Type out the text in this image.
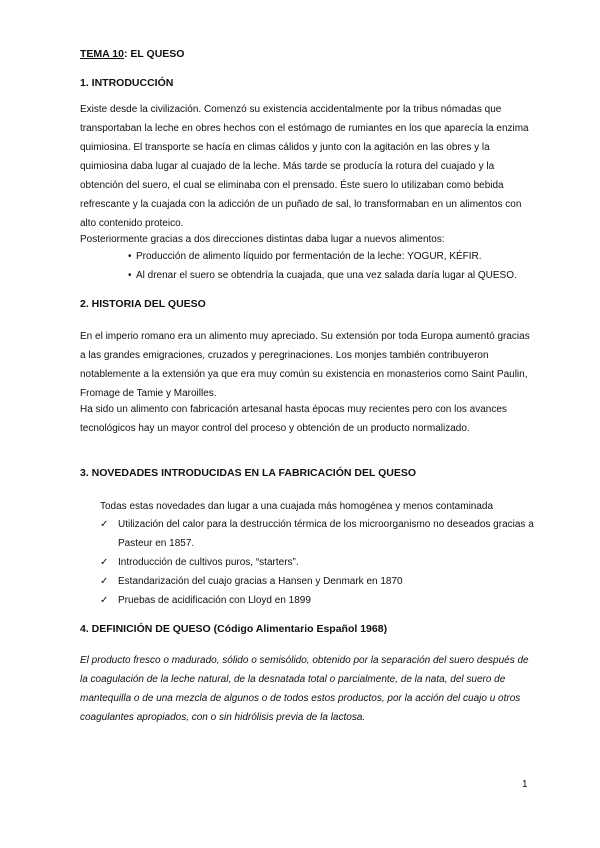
TEMA 10: EL QUESO
1. INTRODUCCIÓN

Existe desde la civilización. Comenzó su existencia accidentalmente por la tribus nómadas que transportaban la leche en obres hechos con el estómago de rumiantes en los que aparecía la enzima quimiosina. El transporte se hacía en climas cálidos y junto con la agitación en las obres y la quimiosina daba lugar al cuajado de la leche. Más tarde se producía la rotura del cuajado y la obtención del suero, el cual se eliminaba con el prensado. Éste suero lo utilizaban como bebida refrescante y la cuajada con la adicción de un puñado de sal, lo transformaban en un alimentos con alto contenido proteico.

Posteriormente gracias a dos direcciones distintas daba lugar a nuevos alimentos:

• Producción de alimento líquido por fermentación de la leche: YOGUR, KÉFIR.
• Al drenar el suero se obtendría la cuajada, que una vez salada daría lugar al QUESO.
2. HISTORIA DEL QUESO

En el imperio romano era un alimento muy apreciado. Su extensión por toda Europa aumentó gracias a las grandes emigraciones, cruzados y peregrinaciones. Los monjes también contribuyeron notablemente a la extensión ya que era muy común su existencia en monasterios como Saint Paulin, Fromage de Tamie y Maroilles.

Ha sido un alimento con fabricación artesanal hasta épocas muy recientes pero con los avances tecnológicos hay un mayor control del proceso y obtención de un producto normalizado.

3. NOVEDADES INTRODUCIDAS EN LA FABRICACIÓN DEL QUESO
Todas estas novedades dan lugar a una cuajada más homogénea y menos contaminada
✓ Utilización del calor para la destrucción térmica de los microorganismo no deseados gracias a Pasteur en 1857.
✓ Introducción de cultivos puros, “starters”.
✓ Estandarización del cuajo gracias a Hansen y Denmark en 1870
✓ Pruebas de acidificación con Lloyd en 1899
4. DEFINICIÓN DE QUESO (Código Alimentario Español 1968)

El producto fresco o madurado, sólido o semisólido, obtenido por la separación del suero después de la coagulación de la leche natural, de la desnatada total o parcialmente, de la nata, del suero de mantequilla o de una mezcla de algunos o de todos estos productos, por la acción del cuajo u otros coagulantes apropiados, con o sin hidrólisis previa de la lactosa.

1
